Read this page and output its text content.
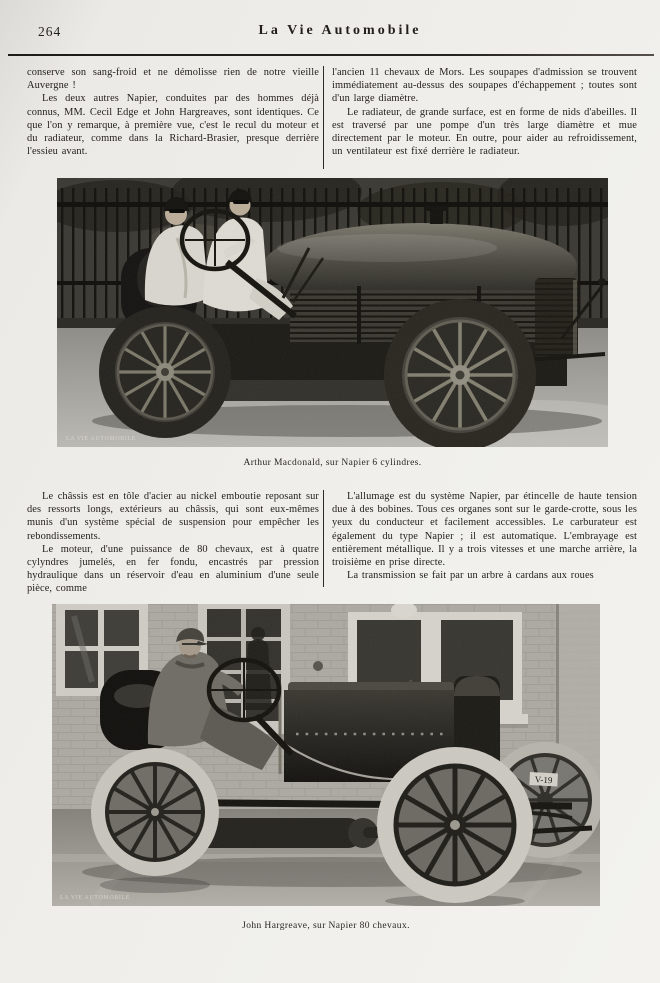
264	La Vie Automobile

conserve son sang-froid et ne démolisse rien de notre vieille Auvergne !

Les deux autres Napier, conduites par des hommes déjà connus, MM. Cecil Edge et John Hargreaves, sont identiques. Ce que l'on y remarque, à première vue, c'est le recul du moteur et du radiateur, comme dans la Richard-Brasier, presque derrière l'essieu avant.

l'ancien 11 chevaux de Mors. Les soupapes d'admission se trouvent immédiatement au-dessus des soupapes d'échappement ; toutes sont d'un large diamètre.

Le radiateur, de grande surface, est en forme de nids d'abeilles. Il est traversé par une pompe d'un très large diamètre et mue directement par le moteur. En outre, pour aider au refroidissement, un ventilateur est fixé derrière le radiateur.

LA VIE AUTOMOBILE
Arthur Macdonald, sur Napier 6 cylindres.

Le châssis est en tôle d'acier au nickel emboutie reposant sur des ressorts longs, extérieurs au châssis, qui sont eux-mêmes munis d'un système spécial de suspension pour empêcher les rebondissements.

Le moteur, d'une puissance de 80 chevaux, est à quatre cylyndres jumelés, en fer fondu, encastrés par pression hydraulique dans un réservoir d'eau en aluminium d'une seule pièce, comme

L'allumage est du système Napier, par étincelle de haute tension due à des bobines. Tous ces organes sont sur le garde-crotte, sous les yeux du conducteur et facilement accessibles. Le carburateur est également du type Napier ; il est automatique. L'embrayage est entièrement métallique. Il y a trois vitesses et une marche arrière, la troisième en prise directe.

La transmission se fait par un arbre à cardans aux roues

V-19
LA VIE AUTOMOBILE
John Hargreave, sur Napier 80 chevaux.
